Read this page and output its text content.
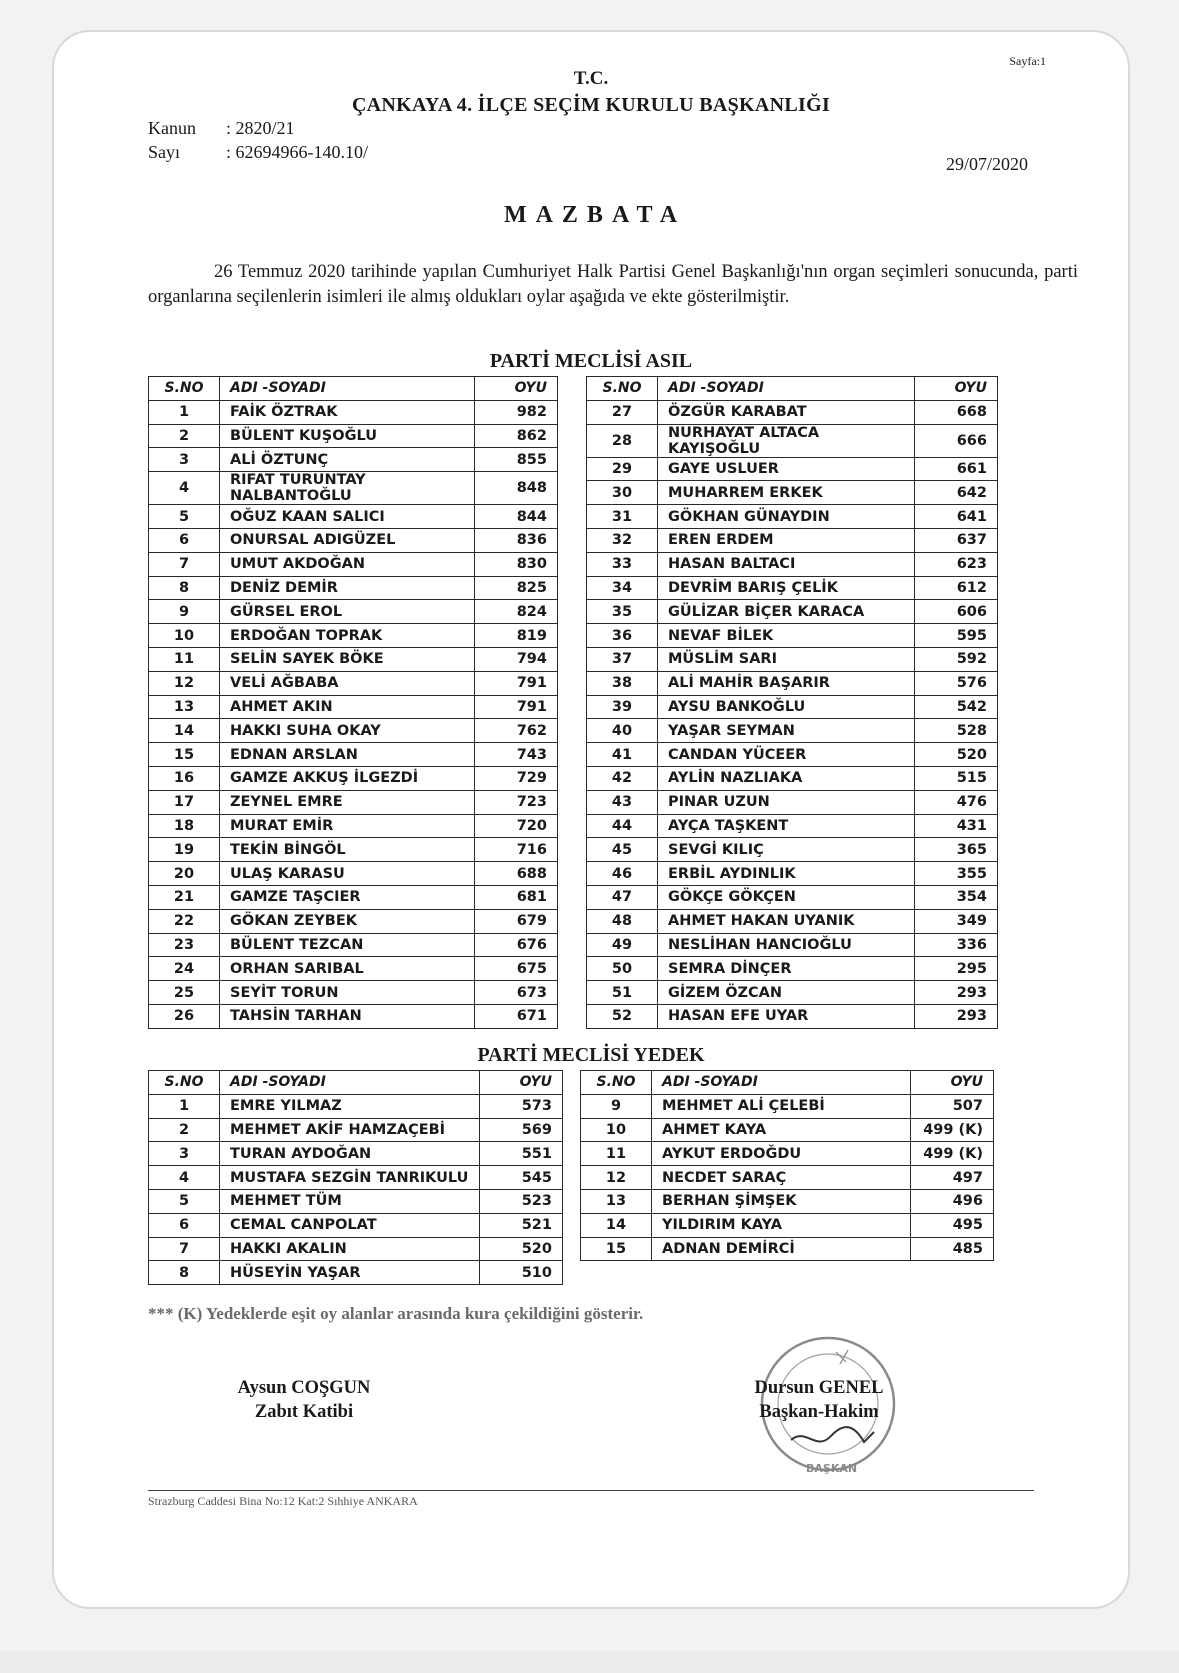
Sayfa:1
T.C.
ÇANKAYA 4. İLÇE SEÇİM KURULU BAŞKANLIĞI
Kanun : 2820/21
Sayı	: 62694966-140.10/
29/07/2020
MAZBATA
26 Temmuz 2020 tarihinde yapılan Cumhuriyet Halk Partisi Genel Başkanlığı'nın organ seçimleri sonucunda, parti organlarına seçilenlerin isimleri ile almış oldukları oylar aşağıda ve ekte gösterilmiştir.
PARTİ MECLİSİ ASIL
S.NO	ADI -SOYADI	OYU
1	FAİK ÖZTRAK	982
2	BÜLENT KUŞOĞLU	862
3	ALİ ÖZTUNÇ	855
4	RIFAT TURUNTAY NALBANTOĞLU	848
5	OĞUZ KAAN SALICI	844
6	ONURSAL ADIGÜZEL	836
7	UMUT AKDOĞAN	830
8	DENİZ DEMİR	825
9	GÜRSEL EROL	824
10	ERDOĞAN TOPRAK	819
11	SELİN SAYEK BÖKE	794
12	VELİ AĞBABA	791
13	AHMET AKIN	791
14	HAKKI SUHA OKAY	762
15	EDNAN ARSLAN	743
16	GAMZE AKKUŞ İLGEZDİ	729
17	ZEYNEL EMRE	723
18	MURAT EMİR	720
19	TEKİN BİNGÖL	716
20	ULAŞ KARASU	688
21	GAMZE TAŞCIER	681
22	GÖKAN ZEYBEK	679
23	BÜLENT TEZCAN	676
24	ORHAN SARIBAL	675
25	SEYİT TORUN	673
26	TAHSİN TARHAN	671
S.NO	ADI -SOYADI	OYU
27	ÖZGÜR KARABAT	668
28	NURHAYAT ALTACA KAYIŞOĞLU	666
29	GAYE USLUER	661
30	MUHARREM ERKEK	642
31	GÖKHAN GÜNAYDIN	641
32	EREN ERDEM	637
33	HASAN BALTACI	623
34	DEVRİM BARIŞ ÇELİK	612
35	GÜLİZAR BİÇER KARACA	606
36	NEVAF BİLEK	595
37	MÜSLİM SARI	592
38	ALİ MAHİR BAŞARIR	576
39	AYSU BANKOĞLU	542
40	YAŞAR SEYMAN	528
41	CANDAN YÜCEER	520
42	AYLİN NAZLIAKA	515
43	PINAR UZUN	476
44	AYÇA TAŞKENT	431
45	SEVGİ KILIÇ	365
46	ERBİL AYDINLIK	355
47	GÖKÇE GÖKÇEN	354
48	AHMET HAKAN UYANIK	349
49	NESLİHAN HANCIOĞLU	336
50	SEMRA DİNÇER	295
51	GİZEM ÖZCAN	293
52	HASAN EFE UYAR	293
PARTİ MECLİSİ YEDEK
S.NO	ADI -SOYADI	OYU
1	EMRE YILMAZ	573
2	MEHMET AKİF HAMZAÇEBİ	569
3	TURAN AYDOĞAN	551
4	MUSTAFA SEZGİN TANRIKULU	545
5	MEHMET TÜM	523
6	CEMAL CANPOLAT	521
7	HAKKI AKALIN	520
8	HÜSEYİN YAŞAR	510
S.NO	ADI -SOYADI	OYU
9	MEHMET ALİ ÇELEBİ	507
10	AHMET KAYA	499 (K)
11	AYKUT ERDOĞDU	499 (K)
12	NECDET SARAÇ	497
13	BERHAN ŞİMŞEK	496
14	YILDIRIM KAYA	495
15	ADNAN DEMİRCİ	485
*** (K) Yedeklerde eşit oy alanlar arasında kura çekildiğini gösterir.
Aysun COŞGUN
Zabıt Katibi
BAŞKAN
Dursun GENEL
Başkan-Hakim
Strazburg Caddesi Bina No:12 Kat:2 Sıhhiye ANKARA
